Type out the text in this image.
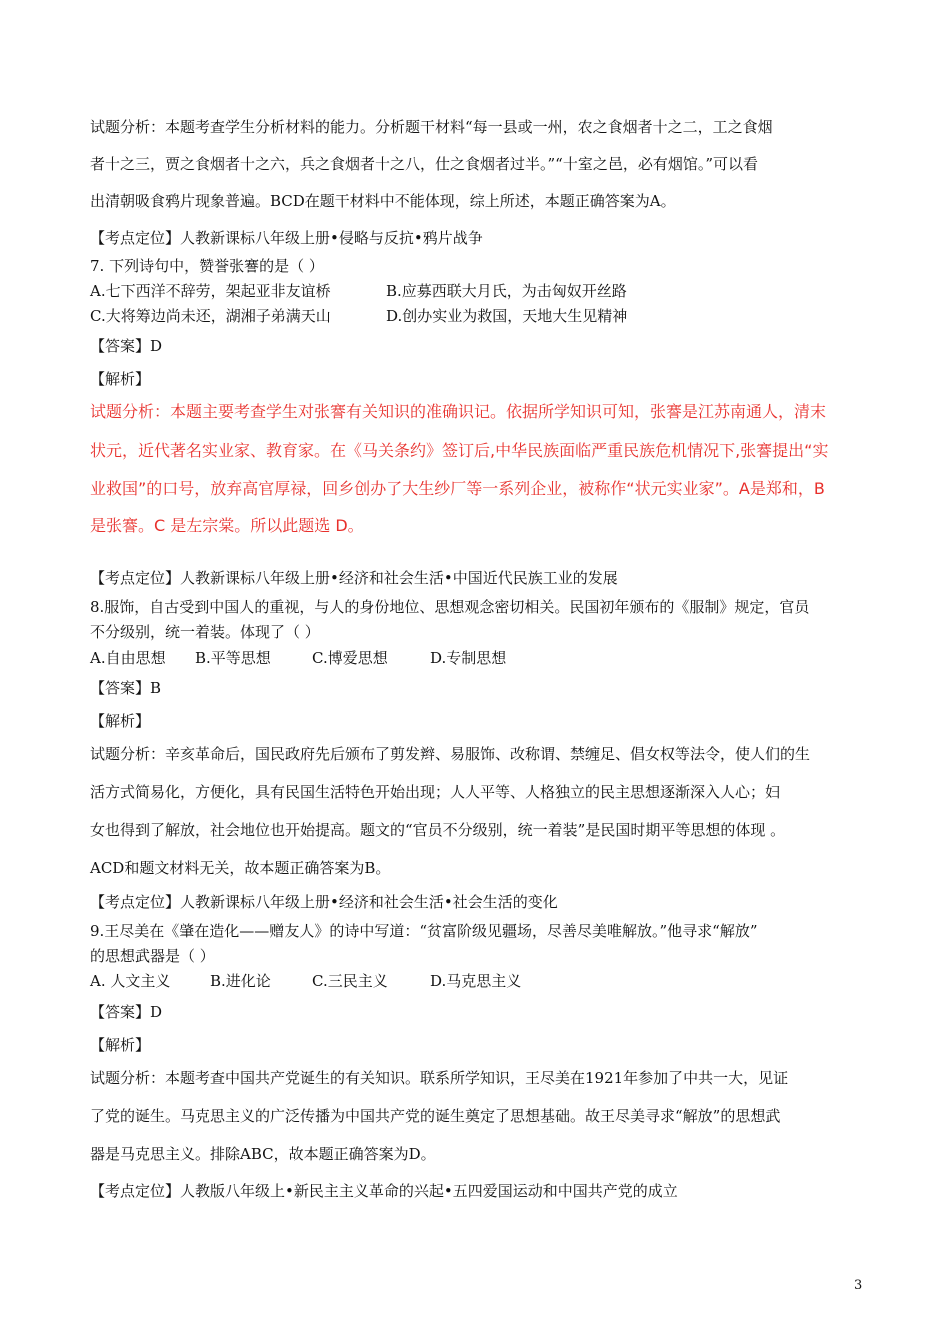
试题分析：本题考查学生分析材料的能力。分析题干材料“每一县或一州，农之食烟者十之二，工之食烟
者十之三，贾之食烟者十之六，兵之食烟者十之八，仕之食烟者过半。”“十室之邑，必有烟馆。”可以看
出清朝吸食鸦片现象普遍。BCD在题干材料中不能体现，综上所述，本题正确答案为A。
【考点定位】人教新课标八年级上册•侵略与反抗•鸦片战争
7. 下列诗句中，赞誉张謇的是（ ）
A.七下西洋不辞劳，架起亚非友谊桥	B.应募西联大月氏，为击匈奴开丝路
C.大将筹边尚未还，湖湘子弟满天山	D.创办实业为救国，天地大生见精神
【答案】D
【解析】
试题分析：本题主要考查学生对张謇有关知识的准确识记。依据所学知识可知，张謇是江苏南通人，清末
状元，近代著名实业家、教育家。在《马关条约》签订后,中华民族面临严重民族危机情况下,张謇提出“实
业救国”的口号，放弃高官厚禄，回乡创办了大生纱厂等一系列企业，被称作“状元实业家”。A是郑和，B
是张謇。C 是左宗棠。所以此题选 D。
【考点定位】人教新课标八年级上册•经济和社会生活•中国近代民族工业的发展
8.服饰，自古受到中国人的重视，与人的身份地位、思想观念密切相关。民国初年颁布的《服制》规定，官员
不分级别，统一着装。体现了（ ）
A.自由思想 B.平等思想	C.博爱思想	D.专制思想
【答案】B
【解析】
试题分析：辛亥革命后，国民政府先后颁布了剪发辫、易服饰、改称谓、禁缠足、倡女权等法令，使人们的生
活方式简易化，方便化，具有民国生活特色开始出现；人人平等、人格独立的民主思想逐渐深入人心；妇
女也得到了解放，社会地位也开始提高。题文的“官员不分级别，统一着装”是民国时期平等思想的体现 。
ACD和题文材料无关，故本题正确答案为B。
【考点定位】人教新课标八年级上册•经济和社会生活•社会生活的变化
9.王尽美在《肇在造化——赠友人》的诗中写道：“贫富阶级见疆场，尽善尽美唯解放。”他寻求“解放”
的思想武器是（ ）
A. 人文主义	B.进化论	C.三民主义	D.马克思主义
【答案】D
【解析】
试题分析：本题考查中国共产党诞生的有关知识。联系所学知识，王尽美在1921年参加了中共一大，见证
了党的诞生。马克思主义的广泛传播为中国共产党的诞生奠定了思想基础。故王尽美寻求“解放”的思想武
器是马克思主义。排除ABC，故本题正确答案为D。
【考点定位】人教版八年级上•新民主主义革命的兴起•五四爱国运动和中国共产党的成立
3
